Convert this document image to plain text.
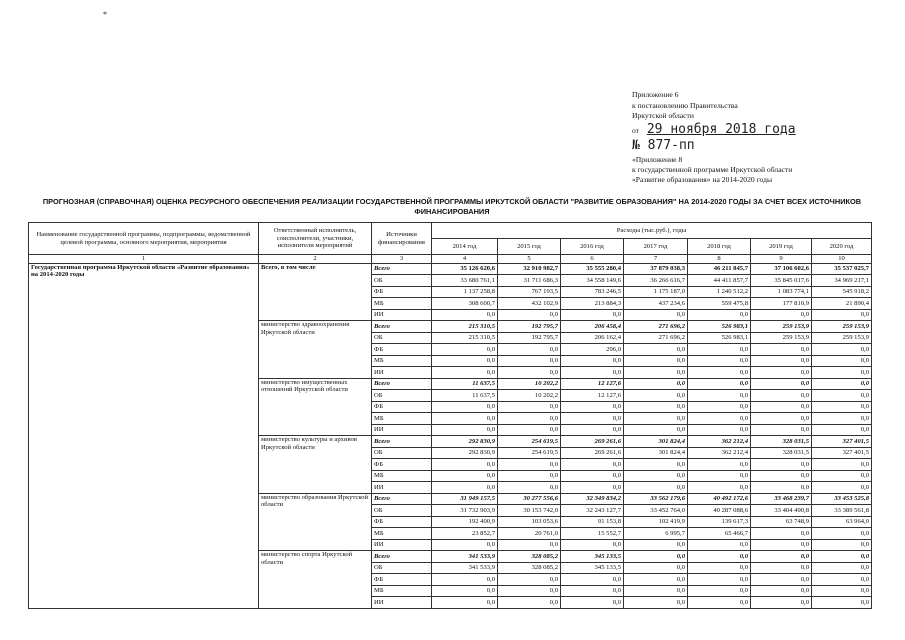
*
Приложение 6
к постановлению Правительства
Иркутской области
от 29 ноября 2018 года
№ 877-пп
«Приложение 8
к государственной программе Иркутской области
«Развитие образования» на 2014-2020 годы
ПРОГНОЗНАЯ (СПРАВОЧНАЯ) ОЦЕНКА РЕСУРСНОГО ОБЕСПЕЧЕНИЯ РЕАЛИЗАЦИИ ГОСУДАРСТВЕННОЙ ПРОГРАММЫ ИРКУТСКОЙ ОБЛАСТИ "РАЗВИТИЕ ОБРАЗОВАНИЯ" НА 2014-2020 ГОДЫ ЗА СЧЕТ ВСЕХ ИСТОЧНИКОВ ФИНАНСИРОВАНИЯ
Наименование государственной программы, подпрограммы, ведомственной целевой программы, основного мероприятия, мероприятия	Ответственный исполнитель, соисполнители, участники, исполнители мероприятий	Источники финансирования	Расходы (тыс.руб.), годы						
			2014 год	2015 год	2016 год	2017 год	2018 год	2019 год	2020 год
1	2	3	4	5	6	7	8	9	10
Государственная программа Иркутской области «Развитие образования» на 2014-2020 годы	Всего, в том числе	Всего	35 126 620,6	32 910 982,7	35 555 280,4	37 879 038,3	46 211 845,7	37 106 602,6	35 537 025,7
		ОБ	33 680 761,1	31 711 686,3	34 558 149,6	36 266 616,7	44 411 857,7	35 845 017,6	34 969 217,1
		ФБ	1 137 258,8	767 193,5	783 246,5	1 175 187,0	1 240 512,2	1 083 774,1	545 918,2
		МБ	308 600,7	432 102,9	213 884,3	437 234,6	559 475,8	177 810,9	21 890,4
		ИИ	0,0	0,0	0,0	0,0	0,0	0,0	0,0
	министерство здравоохранения Иркутской области	Всего	215 310,5	192 795,7	206 458,4	271 696,2	526 983,1	259 153,9	259 153,9
		ОБ	215 310,5	192 795,7	206 162,4	271 696,2	526 983,1	259 153,9	259 153,9
		ФБ	0,0	0,0	296,0	0,0	0,0	0,0	0,0
		МБ	0,0	0,0	0,0	0,0	0,0	0,0	0,0
		ИИ	0,0	0,0	0,0	0,0	0,0	0,0	0,0
	министерство имущественных отношений Иркутской области	Всего	11 637,5	10 202,2	12 127,6	0,0	0,0	0,0	0,0
		ОБ	11 637,5	10 202,2	12 127,6	0,0	0,0	0,0	0,0
		ФБ	0,0	0,0	0,0	0,0	0,0	0,0	0,0
		МБ	0,0	0,0	0,0	0,0	0,0	0,0	0,0
		ИИ	0,0	0,0	0,0	0,0	0,0	0,0	0,0
	министерство культуры и архивов Иркутской области	Всего	292 830,9	254 619,5	269 261,6	301 824,4	362 212,4	328 031,5	327 401,5
		ОБ	292 830,9	254 619,5	269 261,6	301 824,4	362 212,4	328 031,5	327 401,5
		ФБ	0,0	0,0	0,0	0,0	0,0	0,0	0,0
		МБ	0,0	0,0	0,0	0,0	0,0	0,0	0,0
		ИИ	0,0	0,0	0,0	0,0	0,0	0,0	0,0
	министерство образования Иркутской области	Всего	31 949 157,5	30 277 556,6	32 349 834,2	33 562 179,6	40 492 172,6	33 468 239,7	33 453 525,8
		ОБ	31 732 903,9	30 153 742,0	32 243 127,7	33 452 764,0	40 287 088,6	33 404 490,8	33 389 561,8
		ФБ	192 400,9	103 053,6	91 153,8	102 419,9	139 617,3	63 748,9	63 964,0
		МБ	23 852,7	20 761,0	15 552,7	6 995,7	65 466,7	0,0	0,0
		ИИ	0,0	0,0	0,0	0,0	0,0	0,0	0,0
	министерство спорта Иркутской области	Всего	341 533,9	328 085,2	345 133,5	0,0	0,0	0,0	0,0
		ОБ	341 533,9	328 085,2	345 133,5	0,0	0,0	0,0	0,0
		ФБ	0,0	0,0	0,0	0,0	0,0	0,0	0,0
		МБ	0,0	0,0	0,0	0,0	0,0	0,0	0,0
		ИИ	0,0	0,0	0,0	0,0	0,0	0,0	0,0
